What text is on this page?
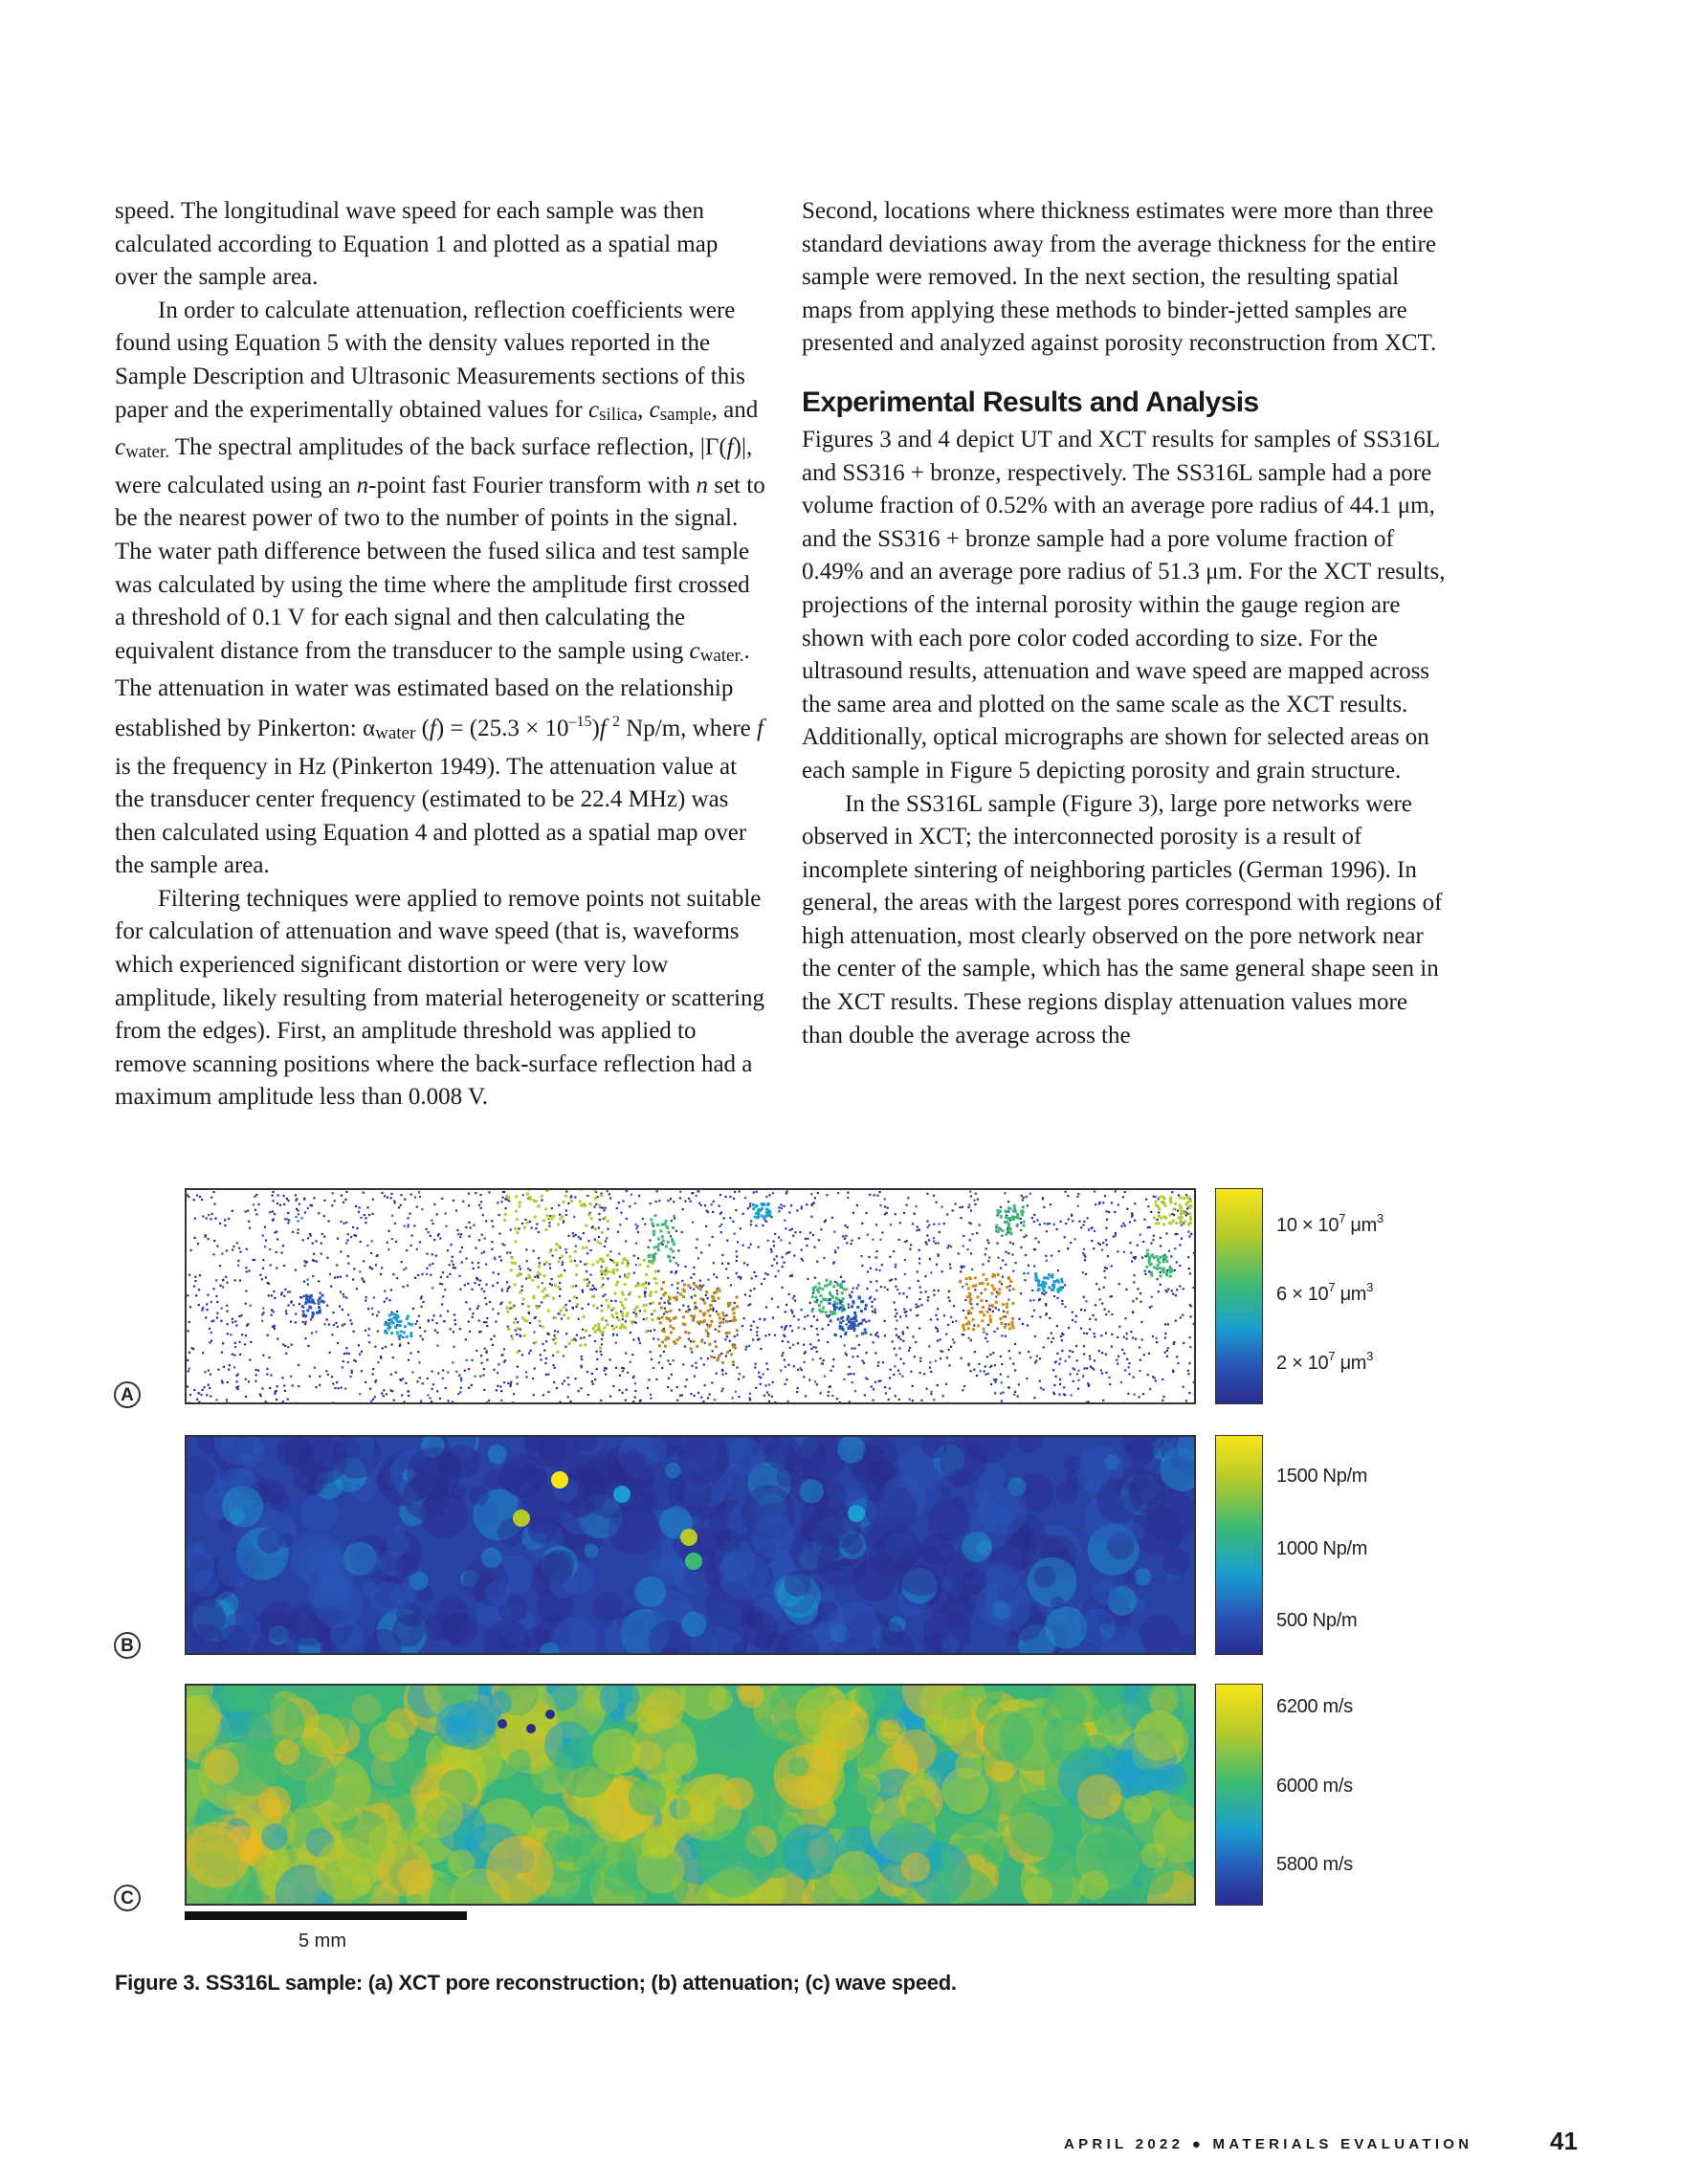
speed. The longitudinal wave speed for each sample was then calculated according to Equation 1 and plotted as a spatial map over the sample area.

In order to calculate attenuation, reflection coefficients were found using Equation 5 with the density values reported in the Sample Description and Ultrasonic Measurements sections of this paper and the experimentally obtained values for csilica, csample, and cwater. The spectral amplitudes of the back surface reflection, |Γ(f)|, were calculated using an n-point fast Fourier transform with n set to be the nearest power of two to the number of points in the signal. The water path difference between the fused silica and test sample was calculated by using the time where the amplitude first crossed a threshold of 0.1 V for each signal and then calculating the equivalent distance from the transducer to the sample using cwater.. The attenuation in water was estimated based on the relationship established by Pinkerton: αwater $(f) = (25.3 \times 10^{-15})f$ $^2$ Np/m, where f is the frequency in Hz (Pinkerton 1949). The attenuation value at the transducer center frequency (estimated to be 22.4 MHz) was then calculated using Equation 4 and plotted as a spatial map over the sample area.

Filtering techniques were applied to remove points not suitable for calculation of attenuation and wave speed (that is, waveforms which experienced significant distortion or were very low amplitude, likely resulting from material heterogeneity or scattering from the edges). First, an amplitude threshold was applied to remove scanning positions where the back-surface reflection had a maximum amplitude less than 0.008 V.

Second, locations where thickness estimates were more than three standard deviations away from the average thickness for the entire sample were removed. In the next section, the resulting spatial maps from applying these methods to binder-jetted samples are presented and analyzed against porosity reconstruction from XCT.

Experimental Results and Analysis

Figures 3 and 4 depict UT and XCT results for samples of SS316L and SS316 + bronze, respectively. The SS316L sample had a pore volume fraction of 0.52% with an average pore radius of 44.1 μm, and the SS316 + bronze sample had a pore volume fraction of 0.49% and an average pore radius of 51.3 μm. For the XCT results, projections of the internal porosity within the gauge region are shown with each pore color coded according to size. For the ultrasound results, attenuation and wave speed are mapped across the same area and plotted on the same scale as the XCT results. Additionally, optical micrographs are shown for selected areas on each sample in Figure 5 depicting porosity and grain structure.

In the SS316L sample (Figure 3), large pore networks were observed in XCT; the interconnected porosity is a result of incomplete sintering of neighboring particles (German 1996). In general, the areas with the largest pores correspond with regions of high attenuation, most clearly observed on the pore network near the center of the sample, which has the same general shape seen in the XCT results. These regions display attenuation values more than double the average across the

$10 \times 10^7$ $\mu m^3$
$6 \times 10^7$ $\mu m^3$
$2 \times 10^7$ $\mu m^3$
1500 Np/m
1000 Np/m
500 Np/m
6200 m/s
6000 m/s
5800 m/s
A
B
C
5 mm
Figure 3. SS316L sample: (a) XCT pore reconstruction; (b) attenuation; (c) wave speed.
APRIL 2022 ● MATERIALS EVALUATION	41
